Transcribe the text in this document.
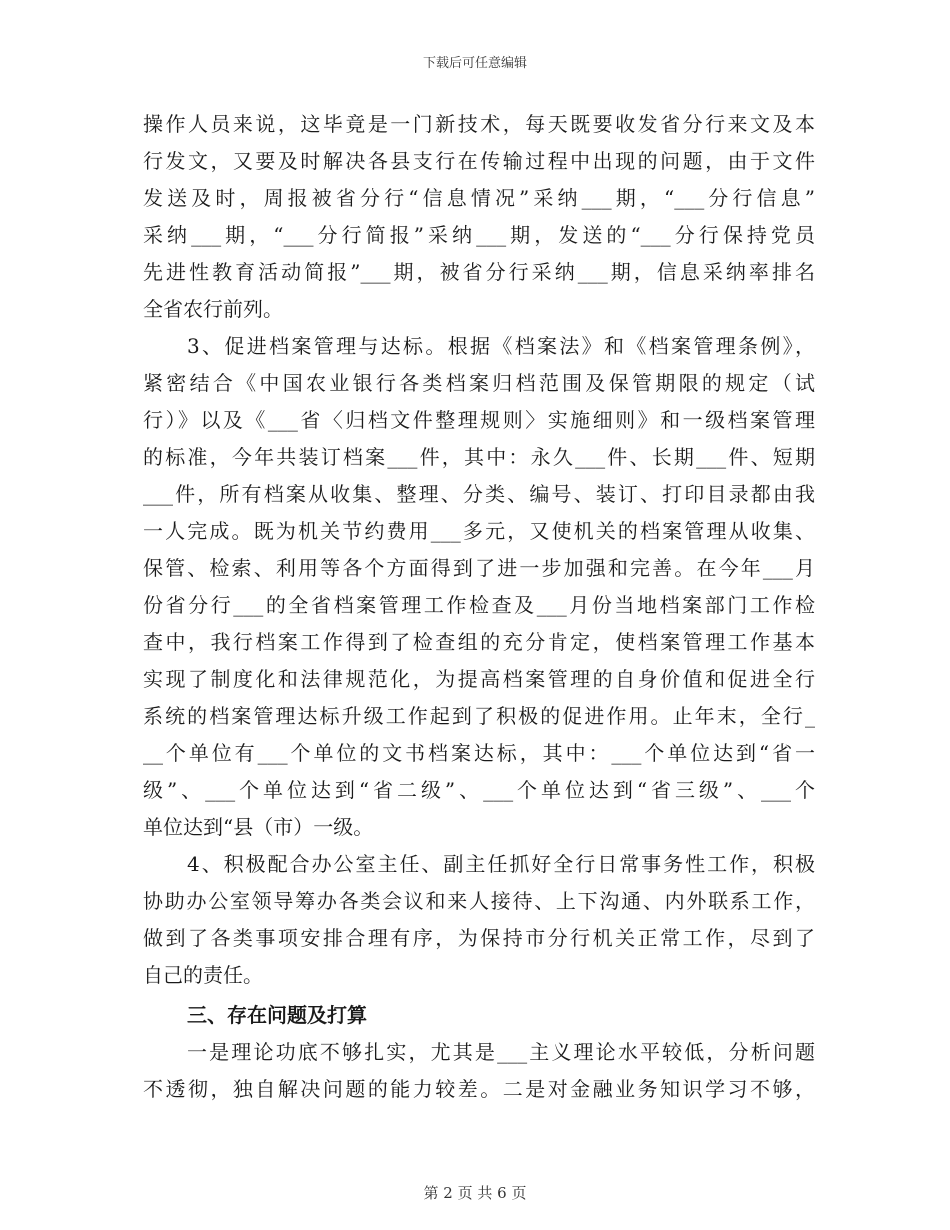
下载后可任意编辑
操作人员来说，这毕竟是一门新技术，每天既要收发省分行来文及本
行发文，又要及时解决各县支行在传输过程中出现的问题，由于文件
发送及时，周报被省分行“信息情况”采纳___期，“___分行信息”
采纳___期，“___分行简报”采纳___期，发送的“___分行保持党员
先进性教育活动简报”___期，被省分行采纳___期，信息采纳率排名
全省农行前列。
3、促进档案管理与达标。根据《档案法》和《档案管理条例》，
紧密结合《中国农业银行各类档案归档范围及保管期限的规定（试
行）》以及《___省〈归档文件整理规则〉实施细则》和一级档案管理
的标准，今年共装订档案___件，其中：永久___件、长期___件、短期
___件，所有档案从收集、整理、分类、编号、装订、打印目录都由我
一人完成。既为机关节约费用___多元，又使机关的档案管理从收集、
保管、检索、利用等各个方面得到了进一步加强和完善。在今年___月
份省分行___的全省档案管理工作检查及___月份当地档案部门工作检
查中，我行档案工作得到了检查组的充分肯定，使档案管理工作基本
实现了制度化和法律规范化，为提高档案管理的自身价值和促进全行
系统的档案管理达标升级工作起到了积极的促进作用。止年末，全行_
__个单位有___个单位的文书档案达标，其中：___个单位达到“省一
级”、___个单位达到“省二级”、___个单位达到“省三级”、___个
单位达到“县（市）一级。
4、积极配合办公室主任、副主任抓好全行日常事务性工作，积极
协助办公室领导筹办各类会议和来人接待、上下沟通、内外联系工作，
做到了各类事项安排合理有序，为保持市分行机关正常工作，尽到了
自己的责任。
三、存在问题及打算
一是理论功底不够扎实，尤其是___主义理论水平较低，分析问题
不透彻，独自解决问题的能力较差。二是对金融业务知识学习不够，
第 2 页 共 6 页
